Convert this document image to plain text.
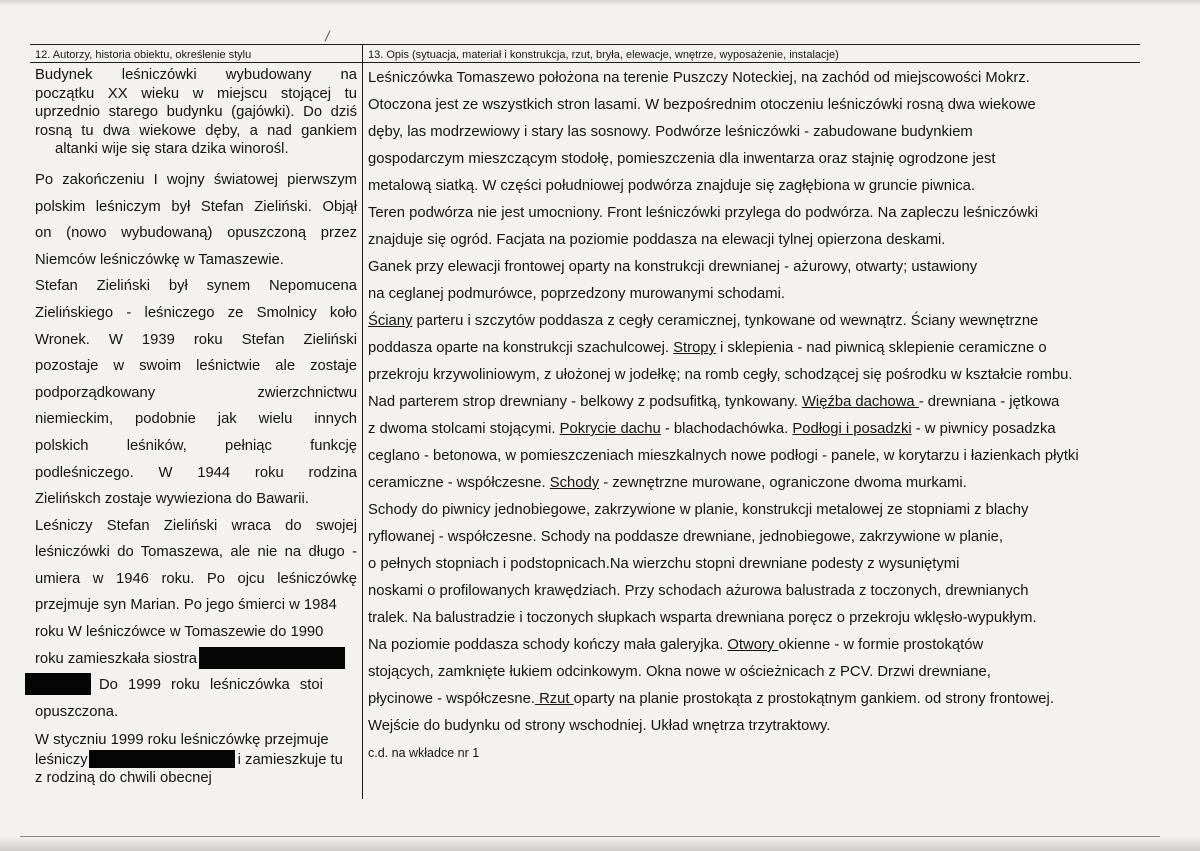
12. Autorzy, historia obiektu, określenie stylu	13. Opis (sytuacja, materiał i konstrukcja, rzut, bryła, elewacje, wnętrze, wyposażenie, instalacje)
Budynek leśniczówki wybudowany na
początku XX wieku w miejscu stojącej tu
uprzednio starego budynku (gajówki). Do dziś
rosną tu dwa wiekowe dęby, a nad gankiem
altanki wije się stara dzika winorośl.
Po zakończeniu I wojny światowej pierwszym
polskim leśniczym był Stefan Zieliński. Objął
on (nowo wybudowaną) opuszczoną przez
Niemców leśniczówkę w Tamaszewie.
Stefan Zieliński był synem Nepomucena
Zielińskiego - leśniczego ze Smolnicy koło
Wronek. W 1939 roku Stefan Zieliński
pozostaje w swoim leśnictwie ale zostaje
podporządkowany zwierzchnictwu
niemieckim, podobnie jak wielu innych
polskich leśników, pełniąc funkcję
podleśniczego. W 1944 roku rodzina
Zielińskch zostaje wywieziona do Bawarii.
Leśniczy Stefan Zieliński wraca do swojej
leśniczówki do Tomaszewa, ale nie na długo -
umiera w 1946 roku. Po ojcu leśniczówkę
przejmuje syn Marian. Po jego śmierci w 1984
roku W leśniczówce w Tomaszewie do 1990
roku zamieszkała siostra
Do 1999 roku leśniczówka stoi
opuszczona.
W styczniu 1999 roku leśniczówkę przejmuje
leśniczy	i zamieszkuje tu
z rodziną do chwili obecnej
Leśniczówka Tomaszewo położona na terenie Puszczy Noteckiej, na zachód od miejscowości Mokrz.
Otoczona jest ze wszystkich stron lasami. W bezpośrednim otoczeniu leśniczówki rosną dwa wiekowe
dęby, las modrzewiowy i stary las sosnowy. Podwórze leśniczówki - zabudowane budynkiem
gospodarczym mieszczącym stodołę, pomieszczenia dla inwentarza oraz stajnię ogrodzone jest
metalową siatką. W części południowej podwórza znajduje się zagłębiona w gruncie piwnica.
Teren podwórza nie jest umocniony. Front leśniczówki przylega do podwórza. Na zapleczu leśniczówki
znajduje się ogród. Facjata na poziomie poddasza na elewacji tylnej opierzona deskami.
Ganek przy elewacji frontowej oparty na konstrukcji drewnianej - ażurowy, otwarty; ustawiony
na ceglanej podmurówce, poprzedzony murowanymi schodami.
Ściany parteru i szczytów poddasza z cegły ceramicznej, tynkowane od wewnątrz. Ściany wewnętrzne
poddasza oparte na konstrukcji szachulcowej. Stropy i sklepienia - nad piwnicą sklepienie ceramiczne o
przekroju krzywoliniowym, z ułożonej w jodełkę; na romb cegły, schodzącej się pośrodku w kształcie rombu.
Nad parterem strop drewniany - belkowy z podsufitką, tynkowany. Więźba dachowa - drewniana - jętkowa
z dwoma stolcami stojącymi. Pokrycie dachu - blachodachówka. Podłogi i posadzki - w piwnicy posadzka
ceglano - betonowa, w pomieszczeniach mieszkalnych nowe podłogi - panele, w korytarzu i łazienkach płytki
ceramiczne - współczesne. Schody - zewnętrzne murowane, ograniczone dwoma murkami.
Schody do piwnicy jednobiegowe, zakrzywione w planie, konstrukcji metalowej ze stopniami z blachy
ryflowanej - współczesne. Schody na poddasze drewniane, jednobiegowe, zakrzywione w planie,
o pełnych stopniach i podstopnicach.Na wierzchu stopni drewniane podesty z wysuniętymi
noskami o profilowanych krawędziach. Przy schodach ażurowa balustrada z toczonych, drewnianych
tralek. Na balustradzie i toczonych słupkach wsparta drewniana poręcz o przekroju wklęsło-wypukłym.
Na poziomie poddasza schody kończy mała galeryjka. Otwory okienne - w formie prostokątów
stojących, zamknięte łukiem odcinkowym. Okna nowe w ościeżnicach z PCV. Drzwi drewniane,
płycinowe - współczesne. Rzut oparty na planie prostokąta z prostokątnym gankiem. od strony frontowej.
Wejście do budynku od strony wschodniej. Układ wnętrza trzytraktowy.
c.d. na wkładce nr 1
